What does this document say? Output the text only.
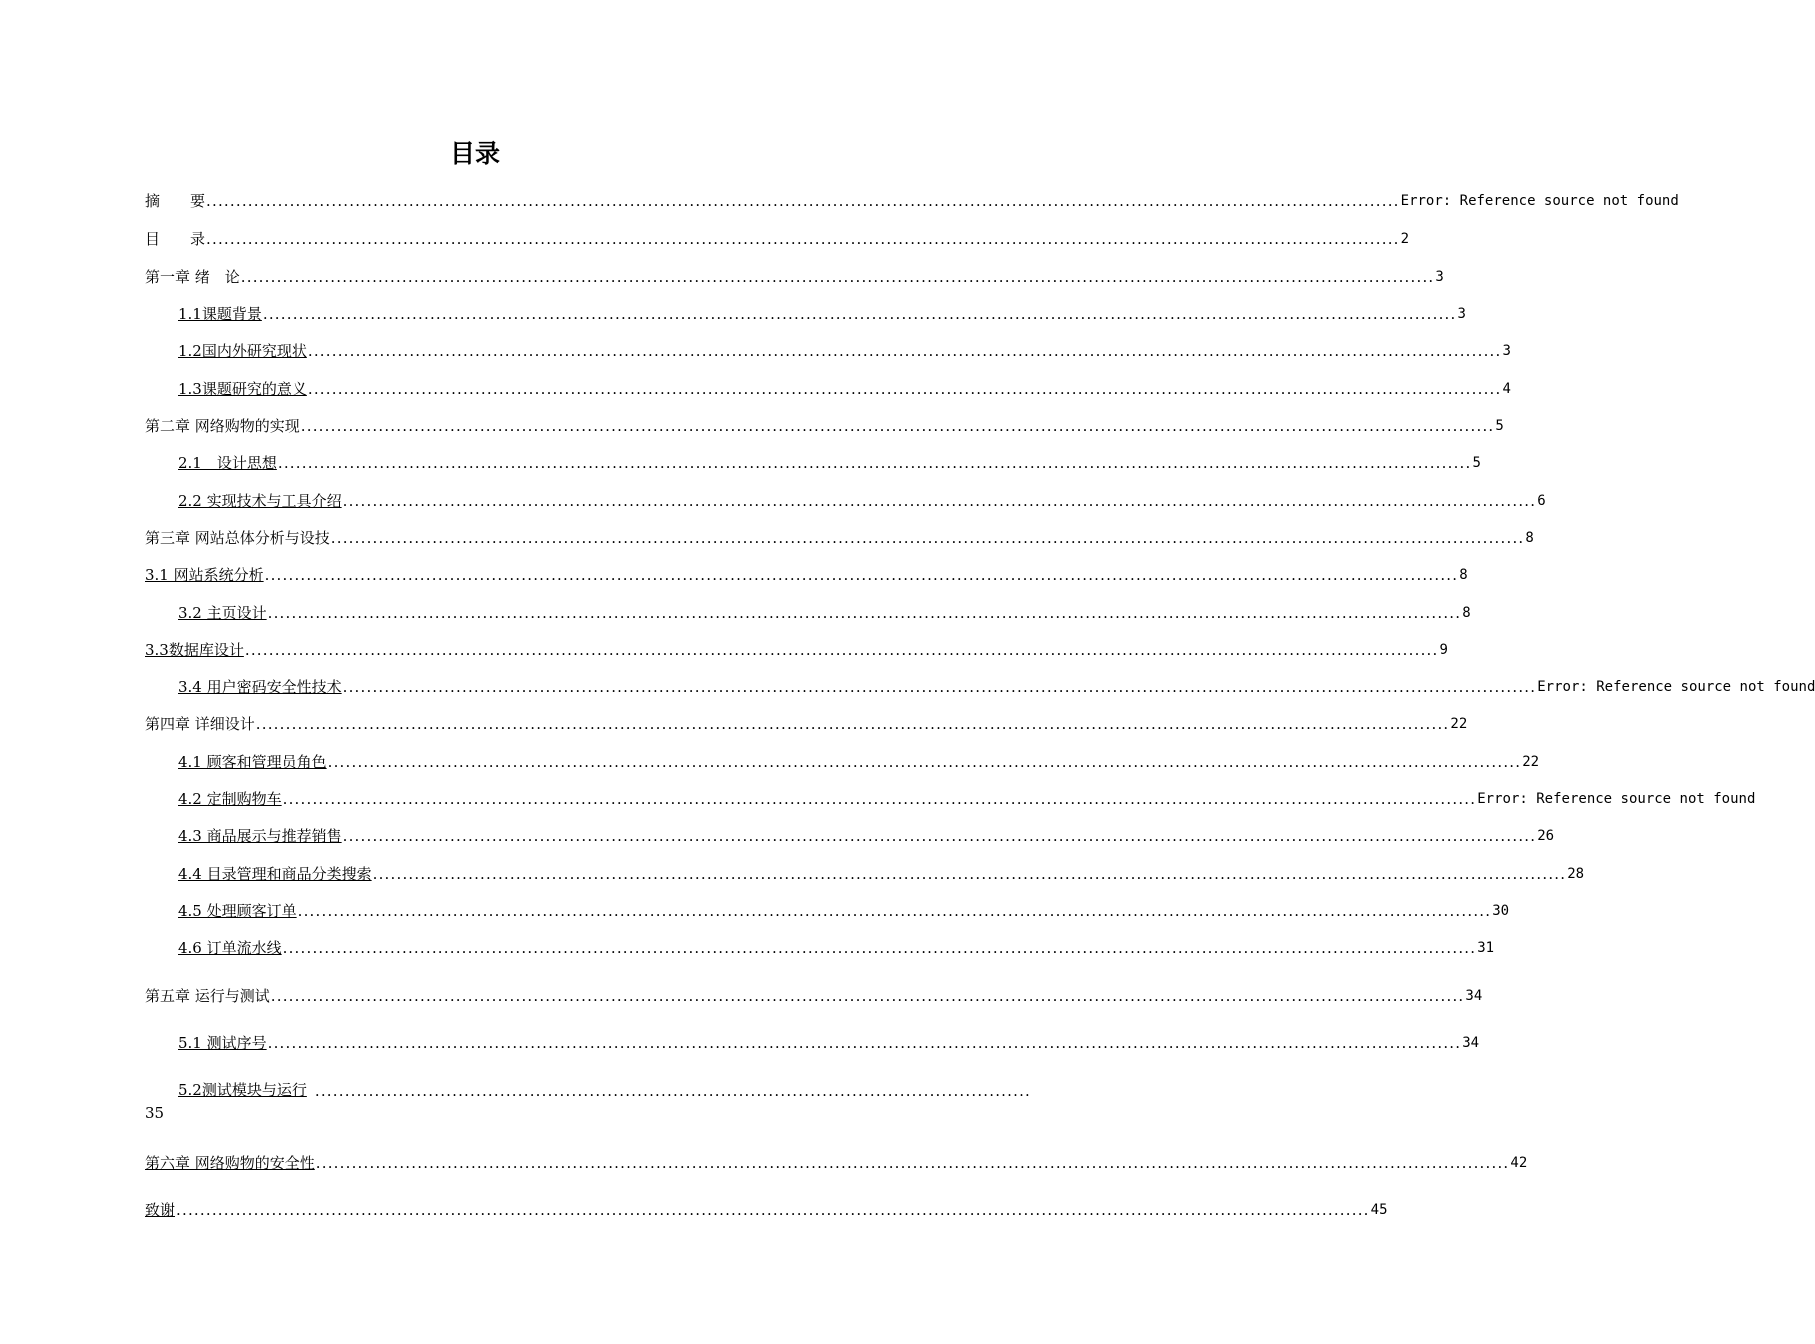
目录
摘　　要 ........................................................................................................................................................................................................ Error: Reference source not found
目　　录 ........................................................................................................................................................................................................ 2
第一章 绪　论 ........................................................................................................................................................................................................ 3
1.1课题背景 ........................................................................................................................................................................................................ 3
1.2国内外研究现状 ........................................................................................................................................................................................................ 3
1.3课题研究的意义 ........................................................................................................................................................................................................ 4
第二章 网络购物的实现 ........................................................................................................................................................................................................ 5
2.1　设计思想 ........................................................................................................................................................................................................ 5
2.2 实现技术与工具介绍 ........................................................................................................................................................................................................ 6
第三章 网站总体分析与设技 ........................................................................................................................................................................................................ 8
3.1 网站系统分析 ........................................................................................................................................................................................................ 8
3.2 主页设计 ........................................................................................................................................................................................................ 8
3.3数据库设计 ........................................................................................................................................................................................................ 9
3.4 用户密码安全性技术 ........................................................................................................................................................................................................ Error: Reference source not found
第四章 详细设计 ........................................................................................................................................................................................................ 22
4.1 顾客和管理员角色 ........................................................................................................................................................................................................ 22
4.2 定制购物车 ........................................................................................................................................................................................................ Error: Reference source not found
4.3 商品展示与推荐销售 ........................................................................................................................................................................................................ 26
4.4 目录管理和商品分类搜索 ........................................................................................................................................................................................................ 28
4.5 处理顾客订单 ........................................................................................................................................................................................................ 30
4.6 订单流水线 ........................................................................................................................................................................................................ 31
第五章 运行与测试 ........................................................................................................................................................................................................ 34
5.1 测试序号 ........................................................................................................................................................................................................ 34
第六章 网络购物的安全性 ........................................................................................................................................................................................................ 42
致谢 ........................................................................................................................................................................................................ 45
5.2测试模块与运行 ........................................................................................................................
35
